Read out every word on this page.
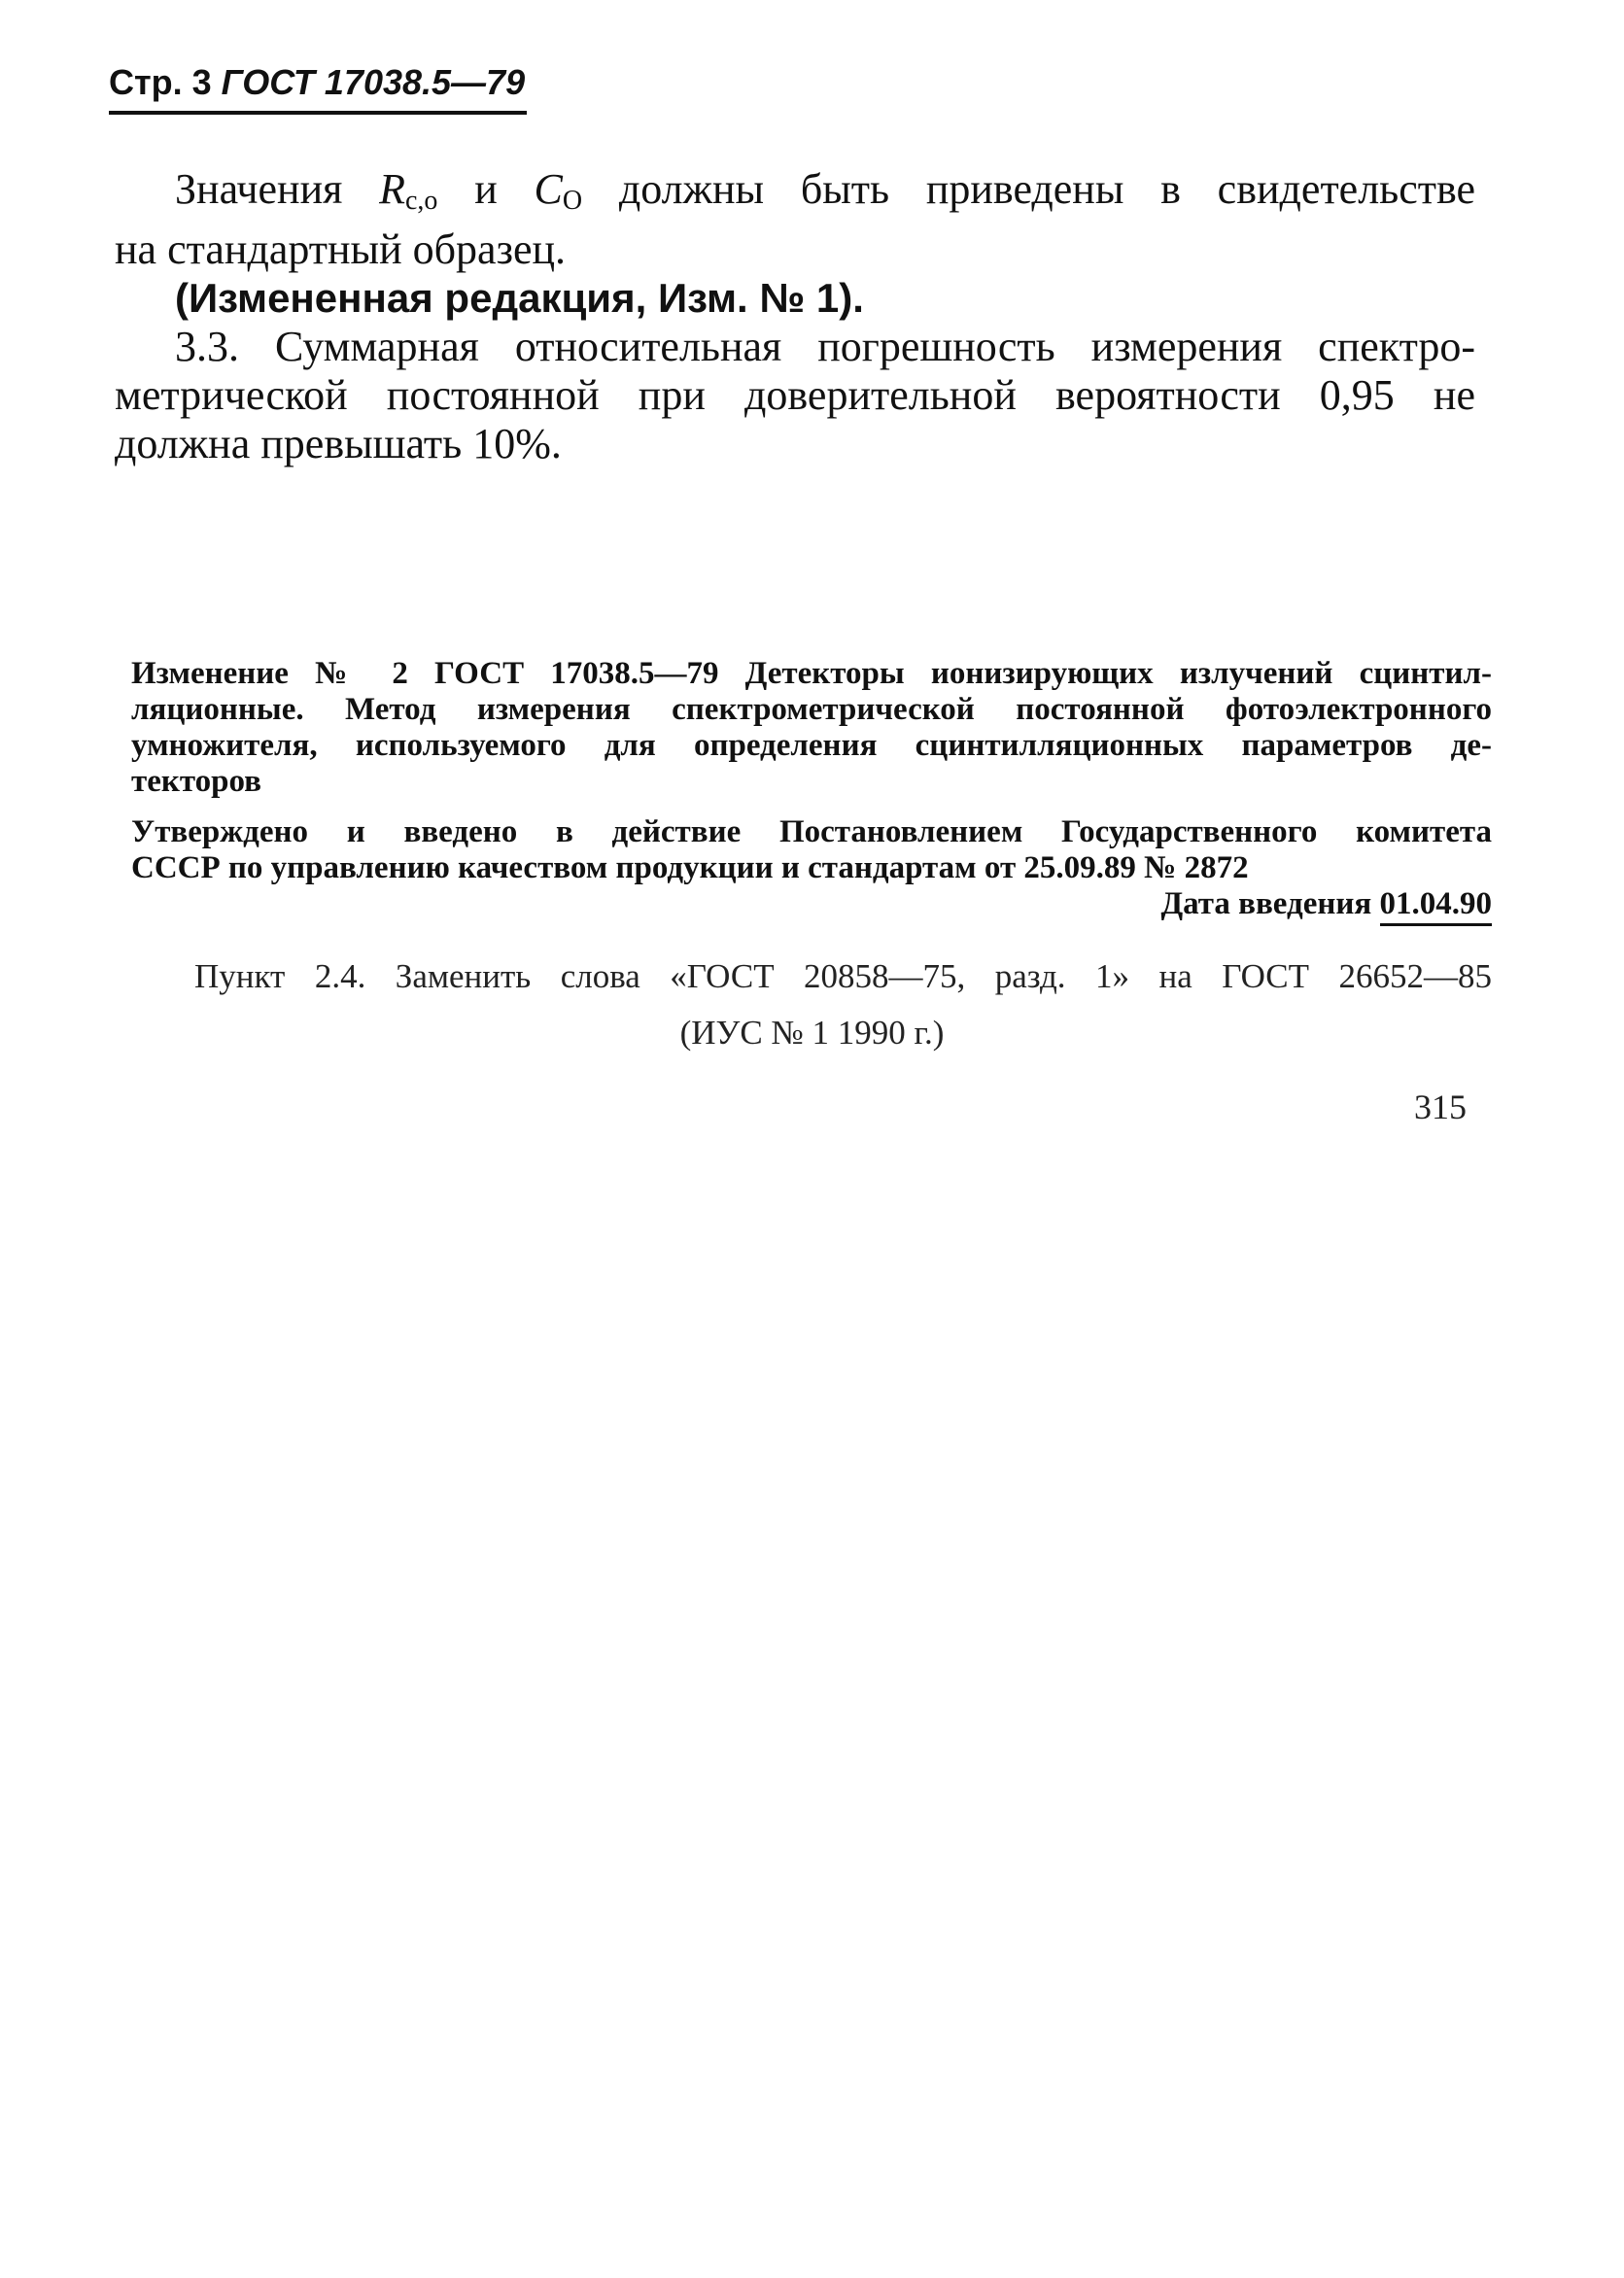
Стр. 3 ГОСТ 17038.5—79
Значения $R_{с,о}$ и $С_О$ должны быть приведены в свидетельстве
на стандартный образец.
(Измененная редакция, Изм. № 1).
3.3. Суммарная относительная погрешность измерения спектро-
метрической постоянной при доверительной вероятности 0,95 не
должна превышать 10%.
Изменение № 2 ГОСТ 17038.5—79 Детекторы ионизирующих излучений сцинтил-
ляционные. Метод измерения спектрометрической постоянной фотоэлектронного
умножителя, используемого для определения сцинтилляционных параметров де-
текторов
Утверждено и введено в действие Постановлением Государственного комитета
СССР по управлению качеством продукции и стандартам от 25.09.89 № 2872
Дата введения 01.04.90
Пункт 2.4. Заменить слова «ГОСТ 20858—75, разд. 1» на ГОСТ 26652—85
(ИУС № 1 1990 г.)
315
